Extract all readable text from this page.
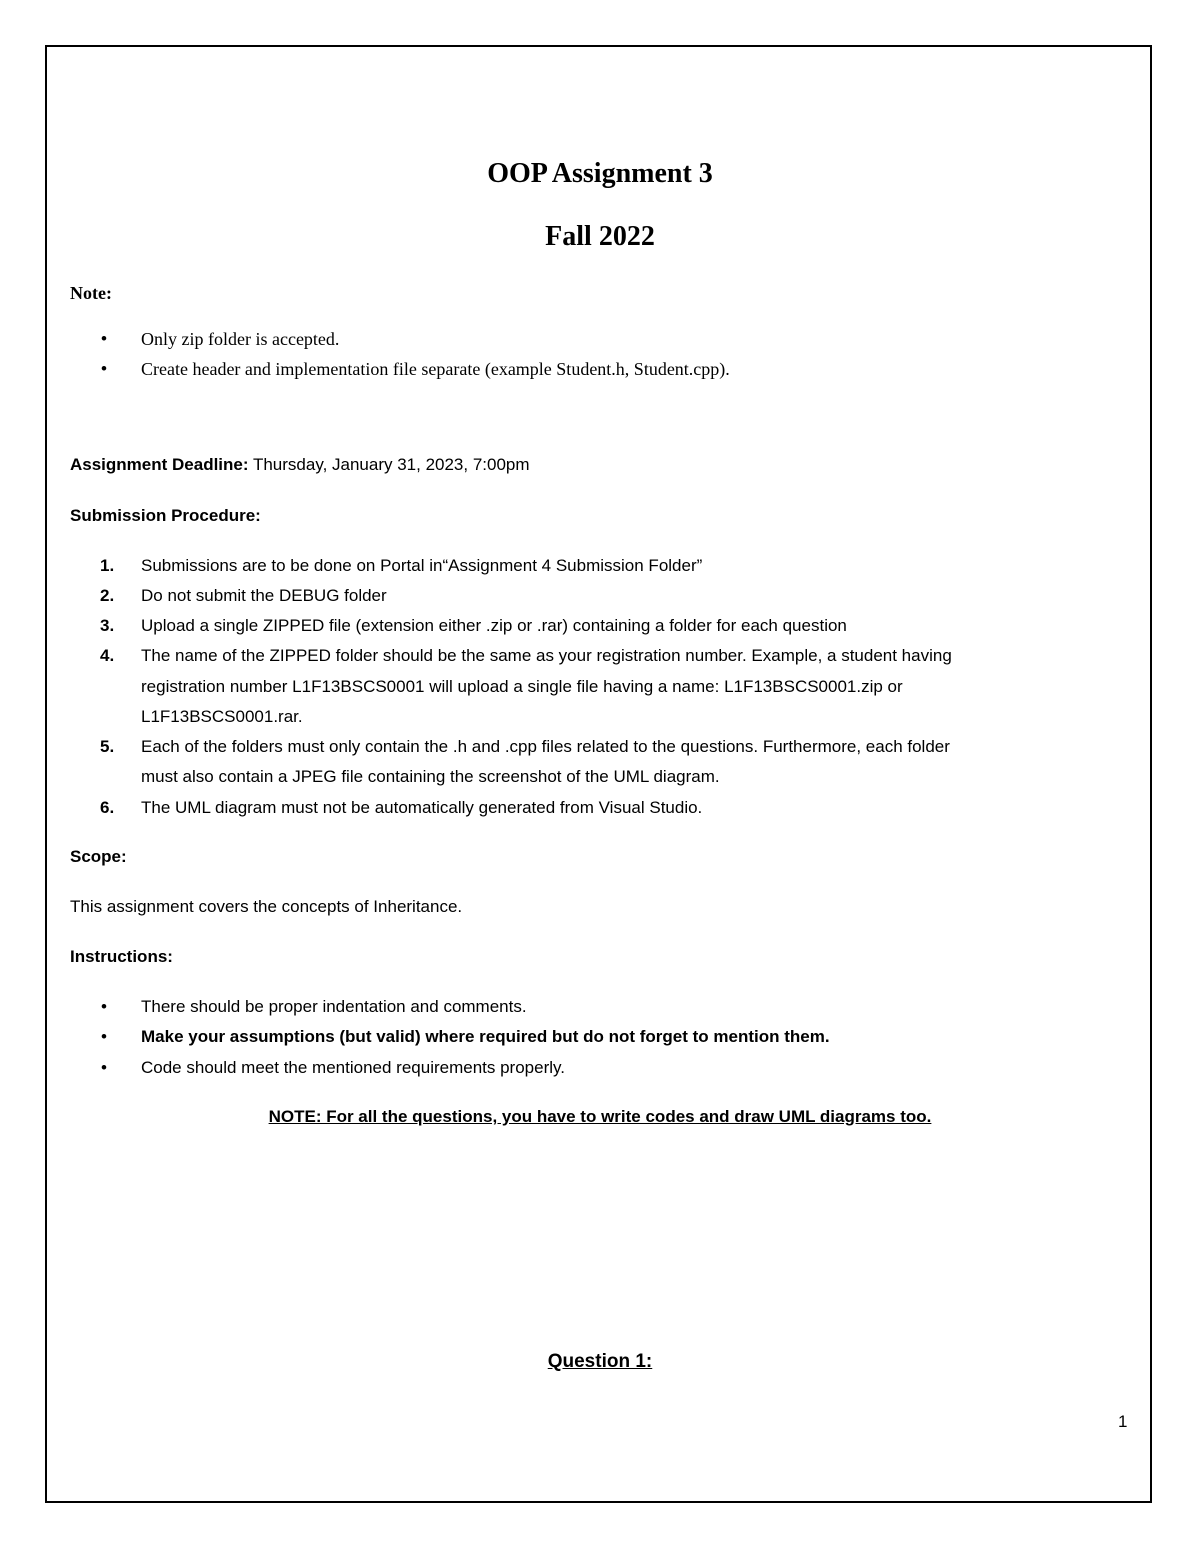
OOP Assignment 3
Fall 2022
Note:
•	Only zip folder is accepted.
•	Create header and implementation file separate (example Student.h, Student.cpp).
Assignment Deadline: Thursday, January 31, 2023, 7:00pm
Submission Procedure:
1. Submissions are to be done on Portal in“Assignment 4 Submission Folder”
2. Do not submit the DEBUG folder
3. Upload a single ZIPPED file (extension either .zip or .rar) containing a folder for each question
4. The name of the ZIPPED folder should be the same as your registration number. Example, a student having
registration number L1F13BSCS0001 will upload a single file having a name: L1F13BSCS0001.zip or
L1F13BSCS0001.rar.
5. Each of the folders must only contain the .h and .cpp files related to the questions. Furthermore, each folder
must also contain a JPEG file containing the screenshot of the UML diagram.
6. The UML diagram must not be automatically generated from Visual Studio.
Scope:
This assignment covers the concepts of Inheritance.
Instructions:
•	There should be proper indentation and comments.
•	Make your assumptions (but valid) where required but do not forget to mention them.
•	Code should meet the mentioned requirements properly.
NOTE: For all the questions, you have to write codes and draw UML diagrams too.
Question 1:
1
